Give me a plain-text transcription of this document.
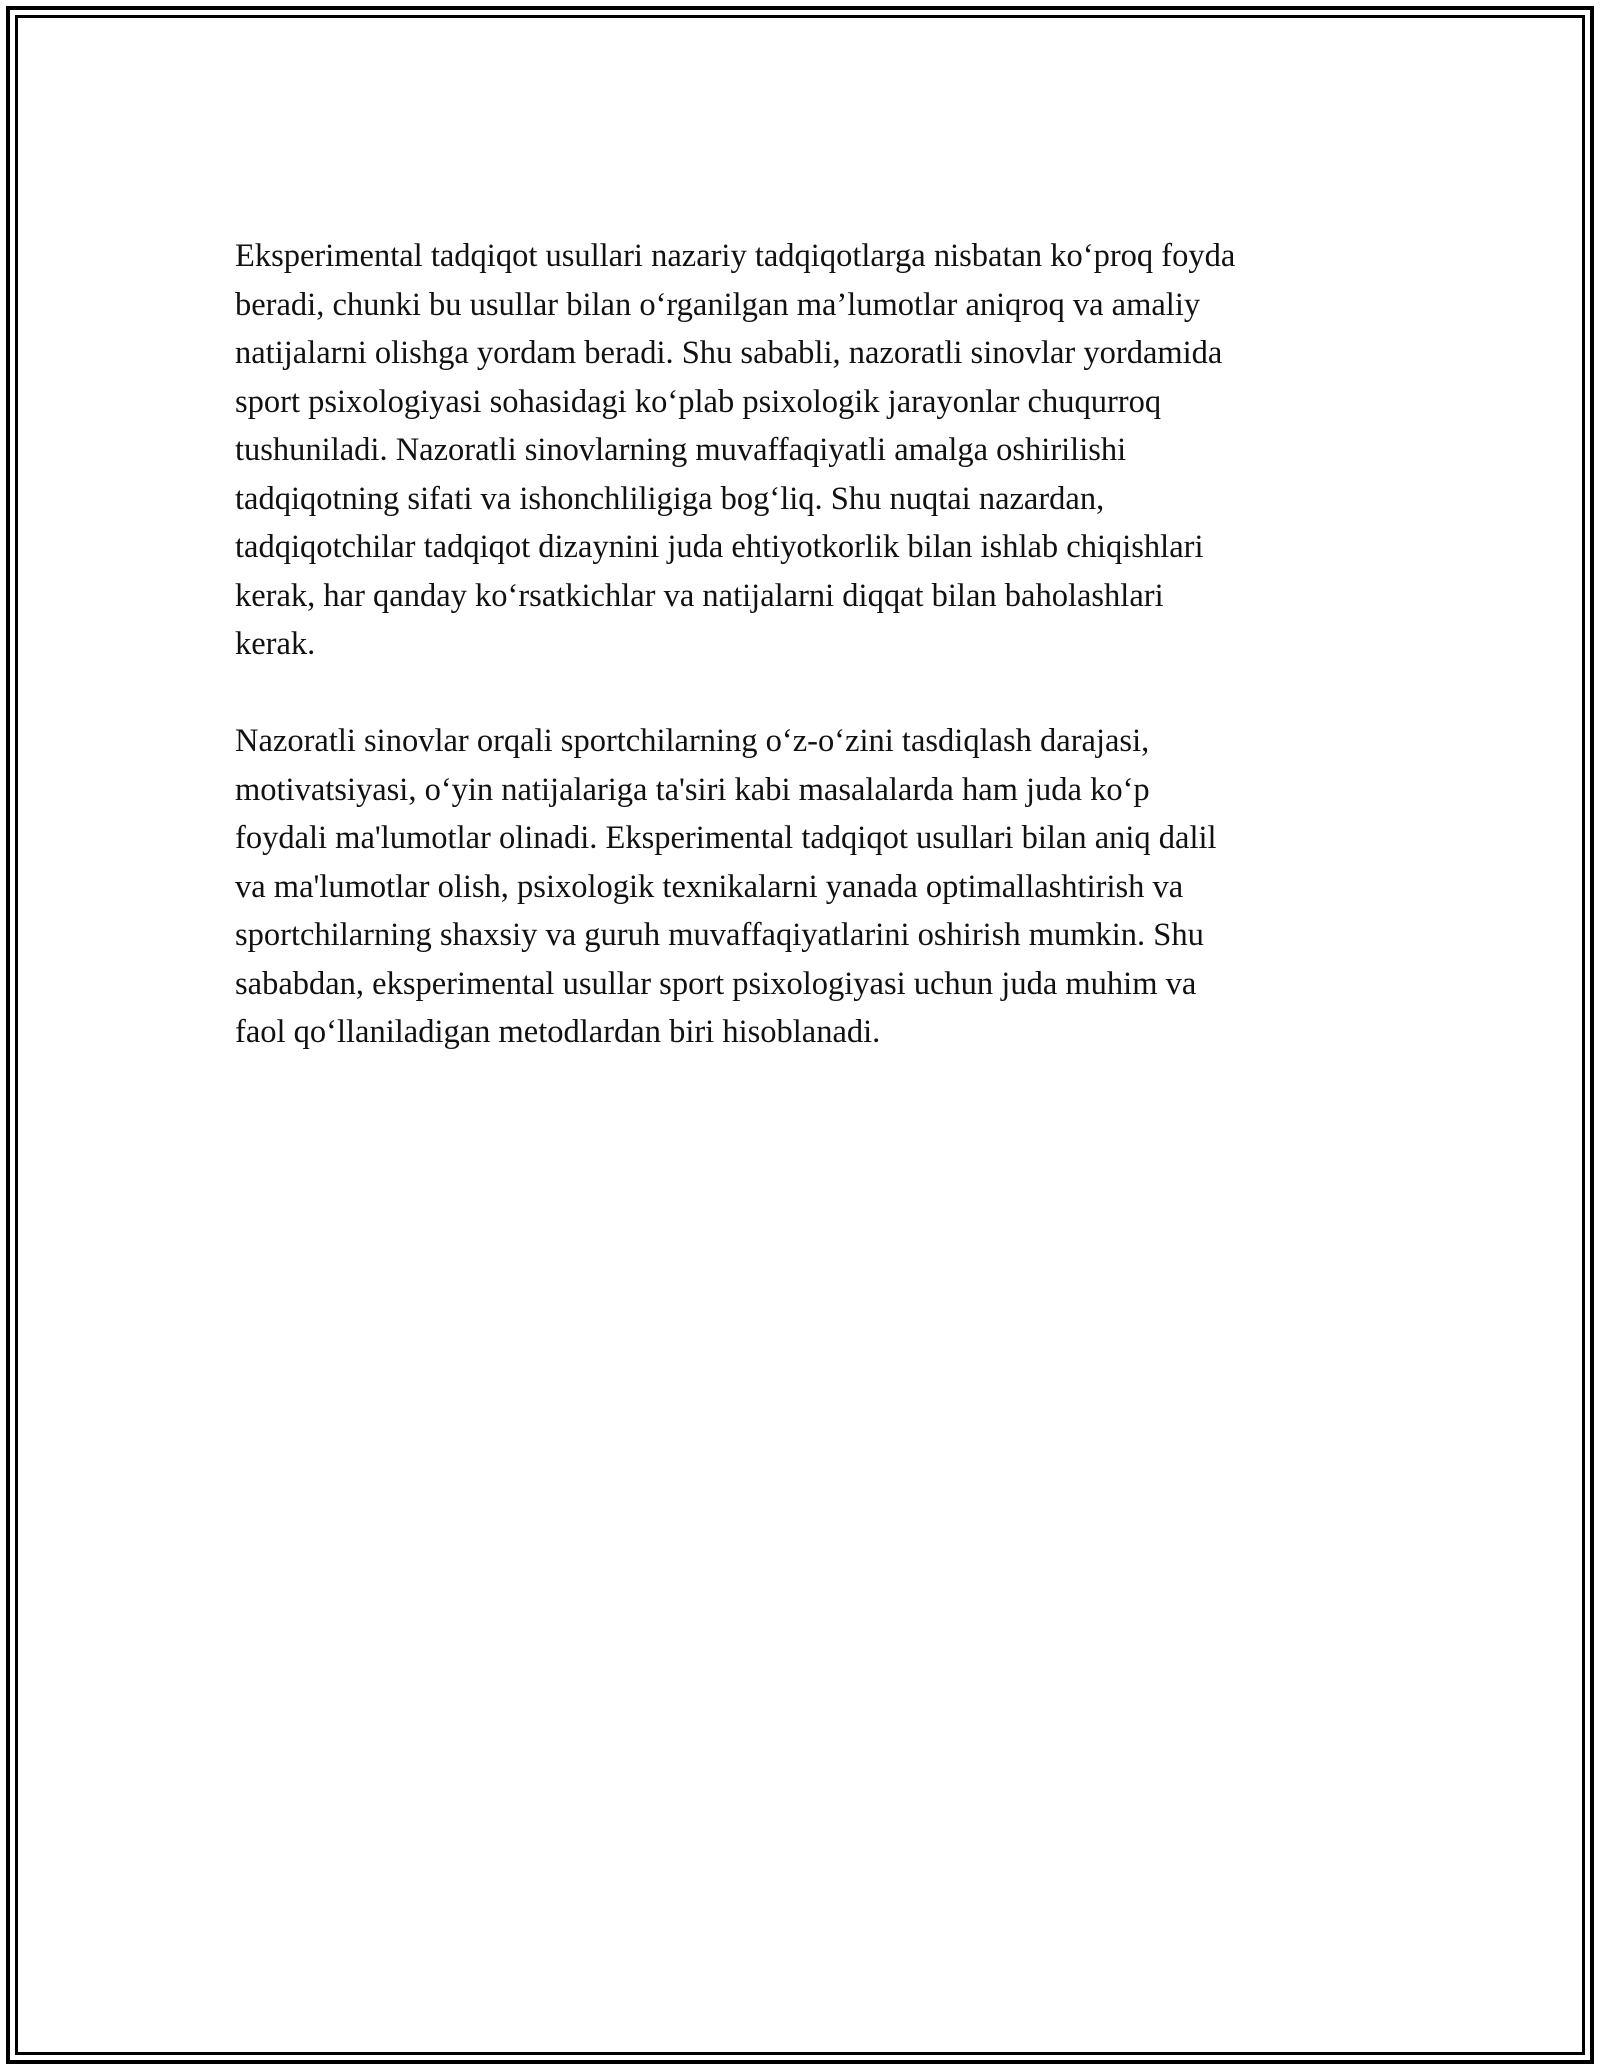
Eksperimental tadqiqot usullari nazariy tadqiqotlarga nisbatan ko‘proq foyda
beradi, chunki bu usullar bilan o‘rganilgan ma’lumotlar aniqroq va amaliy
natijalarni olishga yordam beradi. Shu sababli, nazoratli sinovlar yordamida
sport psixologiyasi sohasidagi ko‘plab psixologik jarayonlar chuqurroq
tushuniladi. Nazoratli sinovlarning muvaffaqiyatli amalga oshirilishi
tadqiqotning sifati va ishonchliligiga bog‘liq. Shu nuqtai nazardan,
tadqiqotchilar tadqiqot dizaynini juda ehtiyotkorlik bilan ishlab chiqishlari
kerak, har qanday ko‘rsatkichlar va natijalarni diqqat bilan baholashlari
kerak.

Nazoratli sinovlar orqali sportchilarning o‘z-o‘zini tasdiqlash darajasi,
motivatsiyasi, o‘yin natijalariga ta'siri kabi masalalarda ham juda ko‘p
foydali ma'lumotlar olinadi. Eksperimental tadqiqot usullari bilan aniq dalil
va ma'lumotlar olish, psixologik texnikalarni yanada optimallashtirish va
sportchilarning shaxsiy va guruh muvaffaqiyatlarini oshirish mumkin. Shu
sababdan, eksperimental usullar sport psixologiyasi uchun juda muhim va
faol qo‘llaniladigan metodlardan biri hisoblanadi.
